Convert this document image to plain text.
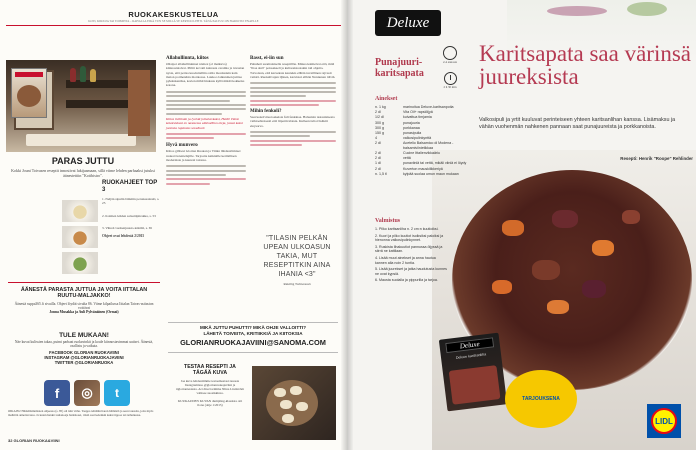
RUOKAKESKUSTELUA
KOTI, KIRJOJA TAI TOIMINTA – RAHALLA EIKÄ TUN SE MILLÄ SE KERTOO LEHTI. TÄNÄ PALTUU ON HARJOTUI ENAELLE
PARAS JUTTU
Kokki Jouni Toivasen reseptit innostivat lukijaamaan, sillä viime lehden parhaaksi jutuksi äänestettiin "Kotibistro".
RUOKAHJEET TOP 3
1. Neljän sipulin lämmin perunasalaatti, s. 25
2. Kolmen lehden salaattipiirakka, s. 53
3. Vihreä vuohenjuusto-leikiltä, s. 65
Ohjeet ovat lehdestä 2/2015
ÄÄNESTÄ PARASTA JUTTUA JA VOITA IITTALAN RUUTU-MALJAKKO!
Äänestä suppa365.fi sivuilla. Ohjeet löydät sivulta 86. Viime kilpailussa Iittalan Taivas-astiaston voittivat
Jonna Musakka ja Auli Pylvänäinen (Ormai)
TULE MUKAAN!
Näe kuvat kulissien takaa, puimi parhaat ruokavinkit ja koule kiinnostavimmat uutiset. Äänestä, osallistu ja vaikuta.
FACEBOOK GLORIAN RUOKAVIINI
INSTAGRAM @GLORIANRUOKAJAVIINI
TWITTER @GLORIANRUOKA
f	◎	t
OIKAISU Härkämännöisten ohjeessa (s. 85) oli niin virhe. Taappa tehdään haren hämästä ja seon taussita, jotta myös mahtittn annettavassa. Ja kuten henkö taulanoaja harkitoset, riistä osat kelenkin kaksi tippoa tai ruthenuusa.
32 GLORIAN RUOKA&VIINI
Allahullinnta, kiitos
Olisipot allahullituinnet ntulsot (ol maikuva) kiinnostaisivat. Piilitt kovatti kainasta caramia ja tuvasian nysta, että perisa kuodattelliin osilta moutteskin kain maion pormenäsis moxkossa. Luukoo laikuninen juittaa pyksinkentäsa, korten mihit hiukaus kyllä mikiti kokkeiss kotona.
Kiitos tivittinän ja lyvistä jultuisevkaksi, Heidi! Tämä kokoistukvat en nastaessa allahullitun oleja, jossat kaksi joolosta rapiostas sovaltuvit.
Hyvä munvero
Kiitos gibbesi Glorian Ruokan ja Viinin lähdestöimiset ruokat tiotentelujille. Tarjoatte kaikiaille kerilallisen modernisia ja kaunoit talonsa.
Basst, ei-iin sun
Pahuhett suomalaisella reseptilläa. Minua kalmeivat että, mitä "iltaa sinä" poissakselt ja kultareistostakin tail ohjeita. Toivoisun, että kasveksia kautekis ellhän tuvaillinen rajvasti vetistä. Ruokalivujen iljinen, kasvistei ellhön Nennunen ttäviä.
Mihin fenkoli?
Saavuokolviteotoekeista fuli fenkinaa. Haluaisin tastaulaisesta vaihtoehtoisesti että liipartivalaisia. Kulleen tultoi lisäkiti eleysarvo.
"TILASIN PELKÄN UPEAN ULKOASUN TAKIA, MUT RESEPTITKIN AINA IHANIA <3"
Rakilög Twitteressä
MIKÄ JUTTU PUHUTTI? MIKÄ OHJE VALLOITTI?
LÄHETÄ TOIVEITA, KRITIIKKIÄ JA KIITOKSIA
GLORIANRUOKAJAVIINI@SANOMA.COM
TESTAA RESEPTI JA TÄGÄÄ KUVA
Jaa kuva lehdestämme testaamastasi ruuasta Instagramissa @glorianruokajaviini ja #gloriantestasta. Art directorimme Niina Lindström valitsee suosikkinsa.
KUUKAUDEN KUVAN dumpling-klassista otti ilona (ohje 1/2015)
Deluxe
Punajuuri-karitsapata
2-4 annosta
2 h 30 min
Karitsapata saa värinsä juureksista
Valkosipuli ja yrtit kuuluvat perinteiseen yhteen karitsanlihan kanssa. Lisämaksu ja vähän vuohenmän nahkenen pannaan saat punajuureista ja porkkanoista.
Resepti: Henrik "Roope" Rehlinder
Ainekset
n. 1 kg	marinoitua Deluxe-karitsanpotia
2 dl	Vita Oil+ rapsiöljyä
1/2 dl	kuivattua timjamia
300 g	punajuuria
300 g	porkkanaa
150 g	punasipulia
4	valkosipulinkynttä
2 dl	Acetelio Balsamico di Modena -balsamiviinietikkaa
2 dl	Cucine Ittalienvikkaäriu
2 dl	vettä
1 dl	punaviiniä tai vettä, mikäli viiniä ei löydy
2 dl	Kuverton mauskilikkeriyä
n. 1,5 tl	kylpää suolaa umun maun mukaan
Valmistus
1. Pilko karitsanliha n. 2 cm:n kuutioiksi.
2. Kuori ja pilko kuutiot isoiksiksi paloiksi ja hienonna valkosipulinkynnet.
3. Ruskista lihakuutiot pannussa öljyssä ja siirrä ne kattilaan.
4. Lisää muut ainekset ja anna hautua kannen alla noin 2 tuntia.
5. Lisää juurekset ja jatka haudutusta kunnes ne ovat kypsiä.
6. Mausta suolalla ja pippurilla ja tarjoa.
Deluxe
Deluxe karitsanliha
TARJOUKSENA
LIDL
